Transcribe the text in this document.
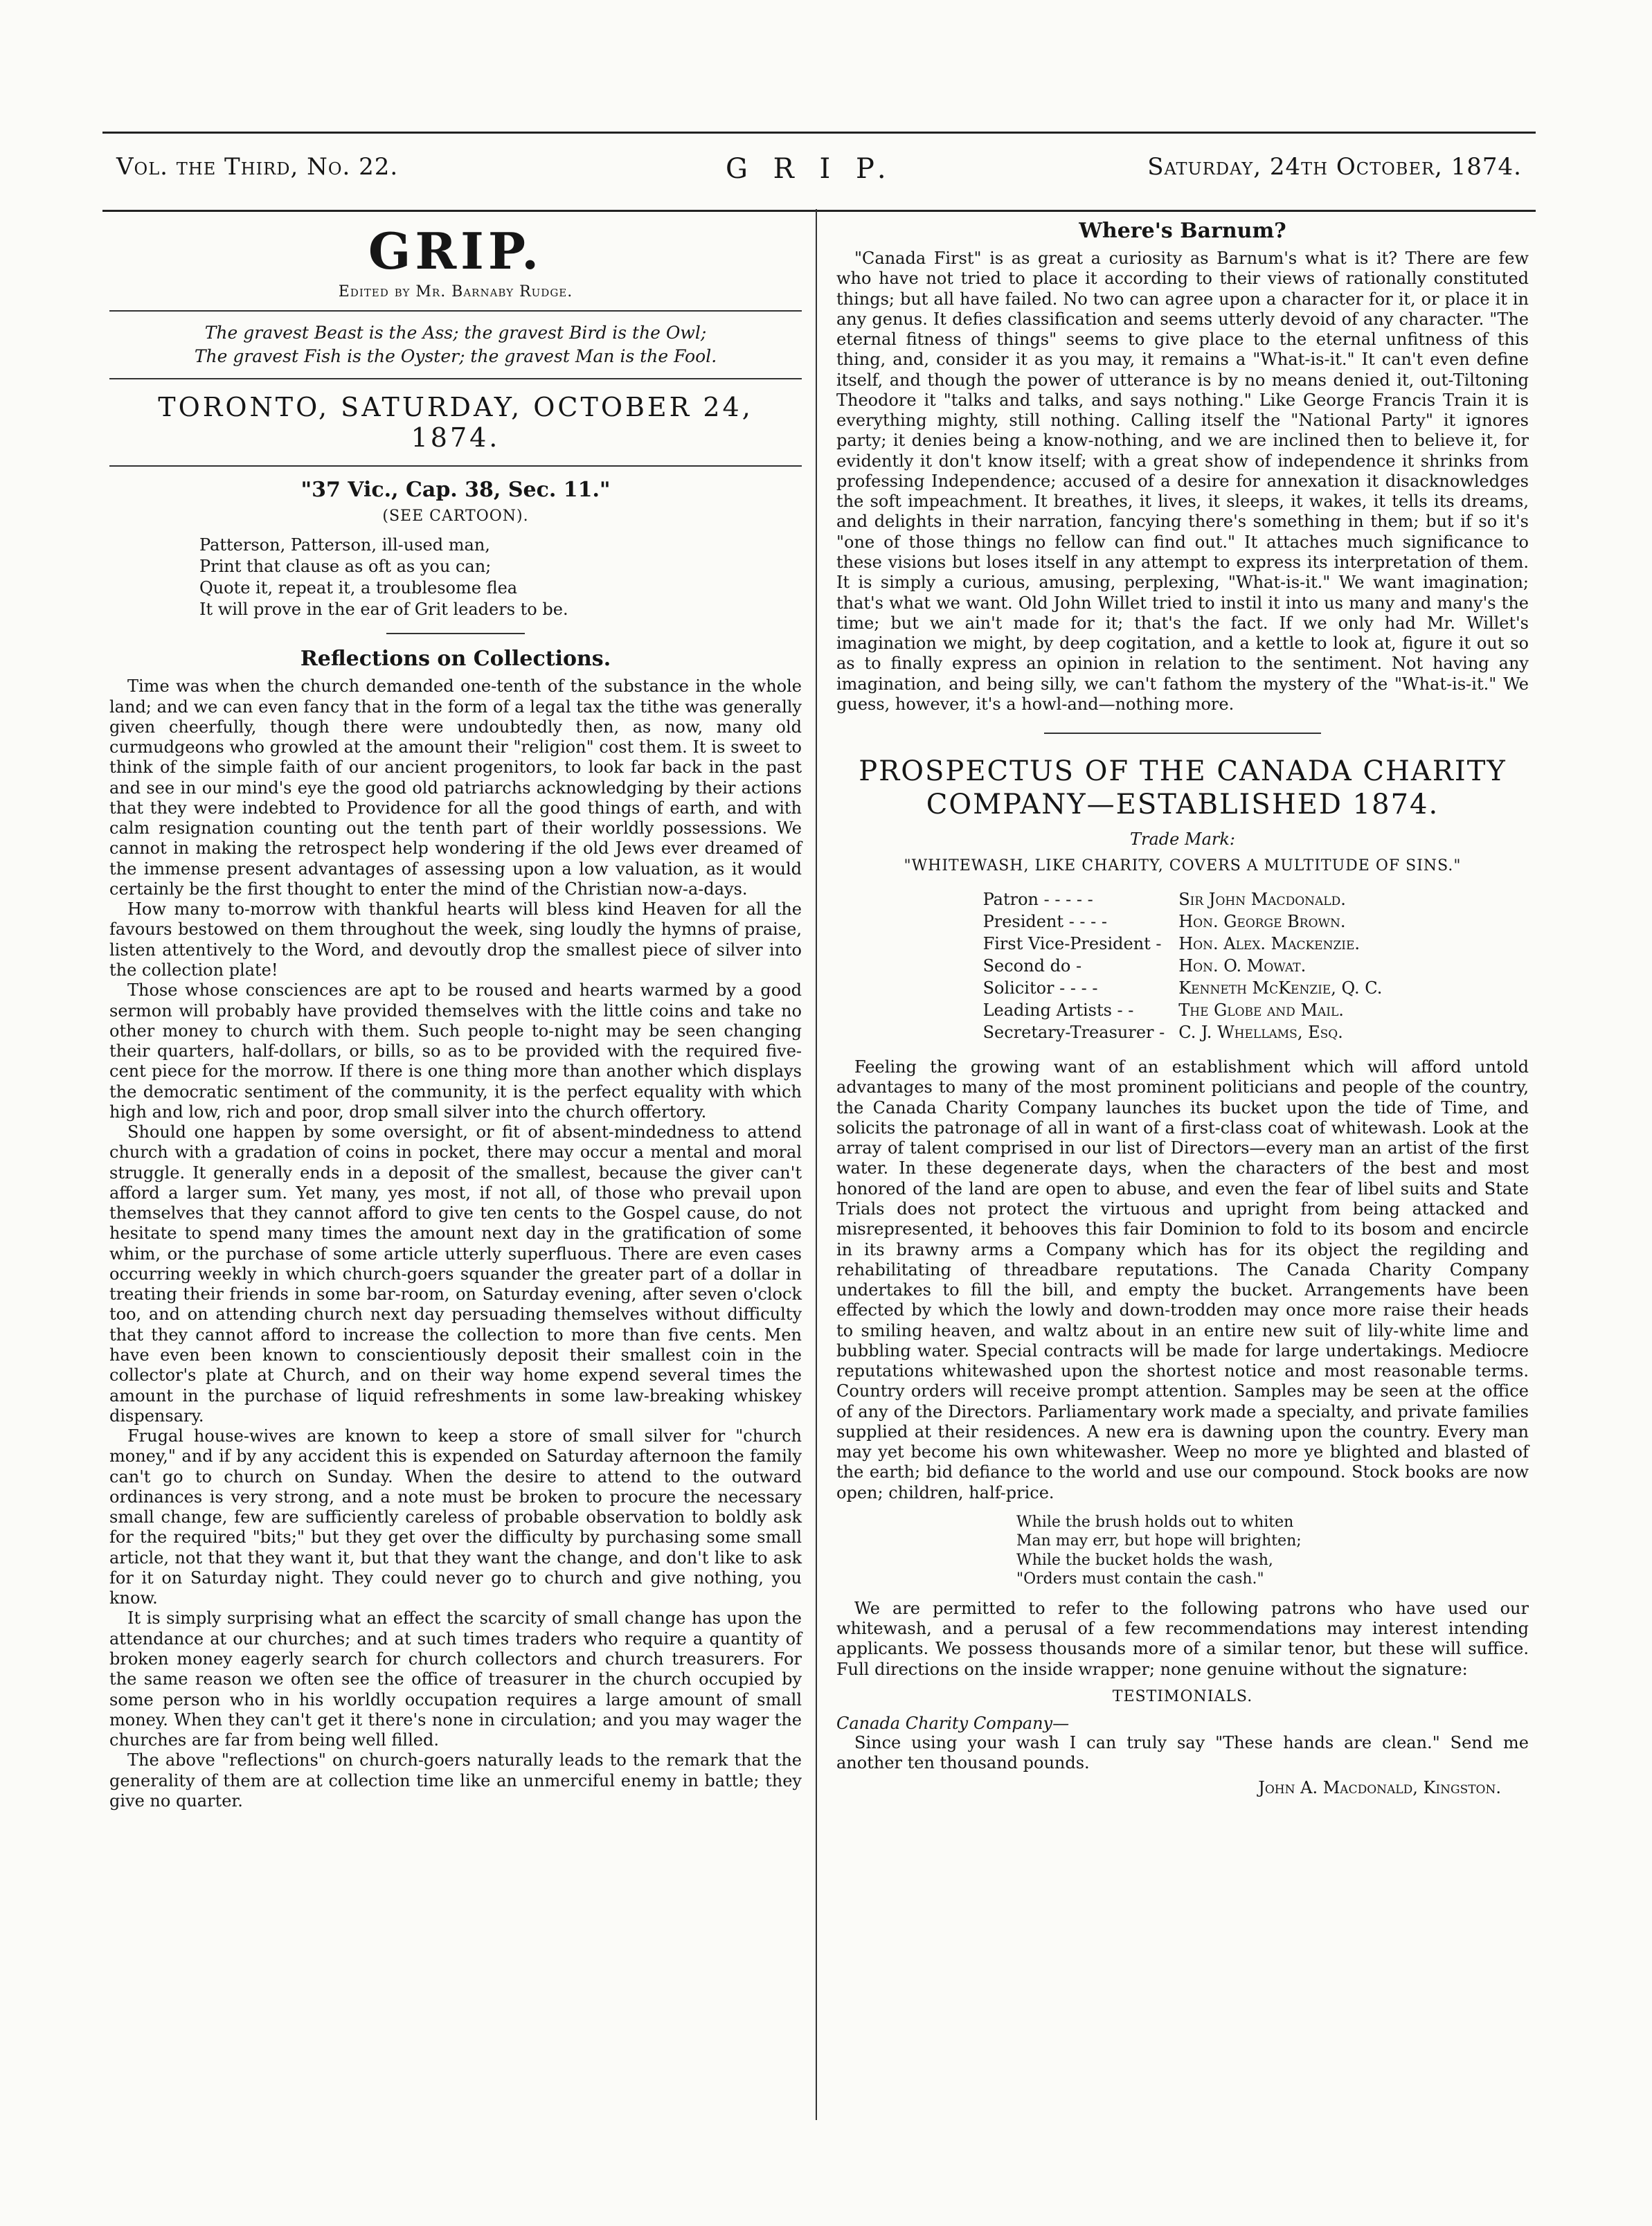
Vol. the Third, No. 22.	G R I P.	Saturday, 24th October, 1874.
GRIP.
Edited by Mr. Barnaby Rudge.
The gravest Beast is the Ass; the gravest Bird is the Owl;
The gravest Fish is the Oyster; the gravest Man is the Fool.
TORONTO, SATURDAY, OCTOBER 24, 1874.
"37 Vic., Cap. 38, Sec. 11."
(SEE CARTOON).
Patterson, Patterson, ill-used man,
Print that clause as oft as you can;
Quote it, repeat it, a troublesome flea
It will prove in the ear of Grit leaders to be.
Reflections on Collections.

Time was when the church demanded one-tenth of the substance in the whole land; and we can even fancy that in the form of a legal tax the tithe was generally given cheerfully, though there were undoubtedly then, as now, many old curmudgeons who growled at the amount their "religion" cost them. It is sweet to think of the simple faith of our ancient progenitors, to look far back in the past and see in our mind's eye the good old patriarchs acknowledging by their actions that they were indebted to Providence for all the good things of earth, and with calm resignation counting out the tenth part of their worldly possessions. We cannot in making the retrospect help wondering if the old Jews ever dreamed of the immense present advantages of assessing upon a low valuation, as it would certainly be the first thought to enter the mind of the Christian now-a-days.

How many to-morrow with thankful hearts will bless kind Heaven for all the favours bestowed on them throughout the week, sing loudly the hymns of praise, listen attentively to the Word, and devoutly drop the smallest piece of silver into the collection plate!

Those whose consciences are apt to be roused and hearts warmed by a good sermon will probably have provided themselves with the little coins and take no other money to church with them. Such people to-night may be seen changing their quarters, half-dollars, or bills, so as to be provided with the required five-cent piece for the morrow. If there is one thing more than another which displays the democratic sentiment of the community, it is the perfect equality with which high and low, rich and poor, drop small silver into the church offertory.

Should one happen by some oversight, or fit of absent-mindedness to attend church with a gradation of coins in pocket, there may occur a mental and moral struggle. It generally ends in a deposit of the smallest, because the giver can't afford a larger sum. Yet many, yes most, if not all, of those who prevail upon themselves that they cannot afford to give ten cents to the Gospel cause, do not hesitate to spend many times the amount next day in the gratification of some whim, or the purchase of some article utterly superfluous. There are even cases occurring weekly in which church-goers squander the greater part of a dollar in treating their friends in some bar-room, on Saturday evening, after seven o'clock too, and on attending church next day persuading themselves without difficulty that they cannot afford to increase the collection to more than five cents. Men have even been known to conscientiously deposit their smallest coin in the collector's plate at Church, and on their way home expend several times the amount in the purchase of liquid refreshments in some law-breaking whiskey dispensary.

Frugal house-wives are known to keep a store of small silver for "church money," and if by any accident this is expended on Saturday afternoon the family can't go to church on Sunday. When the desire to attend to the outward ordinances is very strong, and a note must be broken to procure the necessary small change, few are sufficiently careless of probable observation to boldly ask for the required "bits;" but they get over the difficulty by purchasing some small article, not that they want it, but that they want the change, and don't like to ask for it on Saturday night. They could never go to church and give nothing, you know.

It is simply surprising what an effect the scarcity of small change has upon the attendance at our churches; and at such times traders who require a quantity of broken money eagerly search for church collectors and church treasurers. For the same reason we often see the office of treasurer in the church occupied by some person who in his worldly occupation requires a large amount of small money. When they can't get it there's none in circulation; and you may wager the churches are far from being well filled.

The above "reflections" on church-goers naturally leads to the remark that the generality of them are at collection time like an unmerciful enemy in battle; they give no quarter.

Where's Barnum?

"Canada First" is as great a curiosity as Barnum's what is it? There are few who have not tried to place it according to their views of rationally constituted things; but all have failed. No two can agree upon a character for it, or place it in any genus. It defies classification and seems utterly devoid of any character. "The eternal fitness of things" seems to give place to the eternal unfitness of this thing, and, consider it as you may, it remains a "What-is-it." It can't even define itself, and though the power of utterance is by no means denied it, out-Tiltoning Theodore it "talks and talks, and says nothing." Like George Francis Train it is everything mighty, still nothing. Calling itself the "National Party" it ignores party; it denies being a know-nothing, and we are inclined then to believe it, for evidently it don't know itself; with a great show of independence it shrinks from professing Independence; accused of a desire for annexation it disacknowledges the soft impeachment. It breathes, it lives, it sleeps, it wakes, it tells its dreams, and delights in their narration, fancying there's something in them; but if so it's "one of those things no fellow can find out." It attaches much significance to these visions but loses itself in any attempt to express its interpretation of them. It is simply a curious, amusing, perplexing, "What-is-it." We want imagination; that's what we want. Old John Willet tried to instil it into us many and many's the time; but we ain't made for it; that's the fact. If we only had Mr. Willet's imagination we might, by deep cogitation, and a kettle to look at, figure it out so as to finally express an opinion in relation to the sentiment. Not having any imagination, and being silly, we can't fathom the mystery of the "What-is-it." We guess, however, it's a howl-and—nothing more.

PROSPECTUS OF THE CANADA CHARITY COMPANY—ESTABLISHED 1874.
Trade Mark:
"WHITEWASH, LIKE CHARITY, COVERS A MULTITUDE OF SINS."
Patron - - - - -	Sir John Macdonald.
President - - - -	Hon. George Brown.
First Vice-President -	Hon. Alex. Mackenzie.
Second do -	Hon. O. Mowat.
Solicitor - - - -	Kenneth McKenzie, Q. C.
Leading Artists - -	The Globe and Mail.
Secretary-Treasurer -	C. J. Whellams, Esq.

Feeling the growing want of an establishment which will afford untold advantages to many of the most prominent politicians and people of the country, the Canada Charity Company launches its bucket upon the tide of Time, and solicits the patronage of all in want of a first-class coat of whitewash. Look at the array of talent comprised in our list of Directors—every man an artist of the first water. In these degenerate days, when the characters of the best and most honored of the land are open to abuse, and even the fear of libel suits and State Trials does not protect the virtuous and upright from being attacked and misrepresented, it behooves this fair Dominion to fold to its bosom and encircle in its brawny arms a Company which has for its object the regilding and rehabilitating of threadbare reputations. The Canada Charity Company undertakes to fill the bill, and empty the bucket. Arrangements have been effected by which the lowly and down-trodden may once more raise their heads to smiling heaven, and waltz about in an entire new suit of lily-white lime and bubbling water. Special contracts will be made for large undertakings. Mediocre reputations whitewashed upon the shortest notice and most reasonable terms. Country orders will receive prompt attention. Samples may be seen at the office of any of the Directors. Parliamentary work made a specialty, and private families supplied at their residences. A new era is dawning upon the country. Every man may yet become his own whitewasher. Weep no more ye blighted and blasted of the earth; bid defiance to the world and use our compound. Stock books are now open; children, half-price.

While the brush holds out to whiten
Man may err, but hope will brighten;
While the bucket holds the wash,
"Orders must contain the cash."

We are permitted to refer to the following patrons who have used our whitewash, and a perusal of a few recommendations may interest intending applicants. We possess thousands more of a similar tenor, but these will suffice. Full directions on the inside wrapper; none genuine without the signature:

TESTIMONIALS.
Canada Charity Company—

Since using your wash I can truly say "These hands are clean." Send me another ten thousand pounds.

John A. Macdonald, Kingston.
